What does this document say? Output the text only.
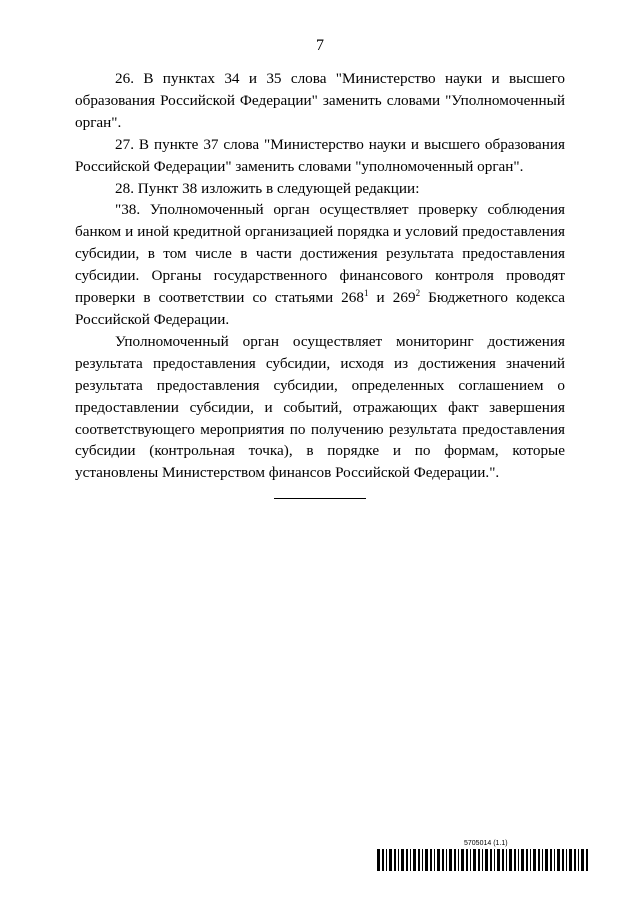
7

26. В пунктах 34 и 35 слова "Министерство науки и высшего образования Российской Федерации" заменить словами "Уполномоченный орган".

27. В пункте 37 слова "Министерство науки и высшего образования Российской Федерации" заменить словами "уполномоченный орган".

28. Пункт 38 изложить в следующей редакции:

"38. Уполномоченный орган осуществляет проверку соблюдения банком и иной кредитной организацией порядка и условий предоставления субсидии, в том числе в части достижения результата предоставления субсидии. Органы государственного финансового контроля проводят проверки в соответствии со статьями $268^1$ и $269^2$ Бюджетного кодекса Российской Федерации.

Уполномоченный орган осуществляет мониторинг достижения результата предоставления субсидии, исходя из достижения значений результата предоставления субсидии, определенных соглашением о предоставлении субсидии, и событий, отражающих факт завершения соответствующего мероприятия по получению результата предоставления субсидии (контрольная точка), в порядке и по формам, которые установлены Министерством финансов Российской Федерации.".

5705014 (1.1)
